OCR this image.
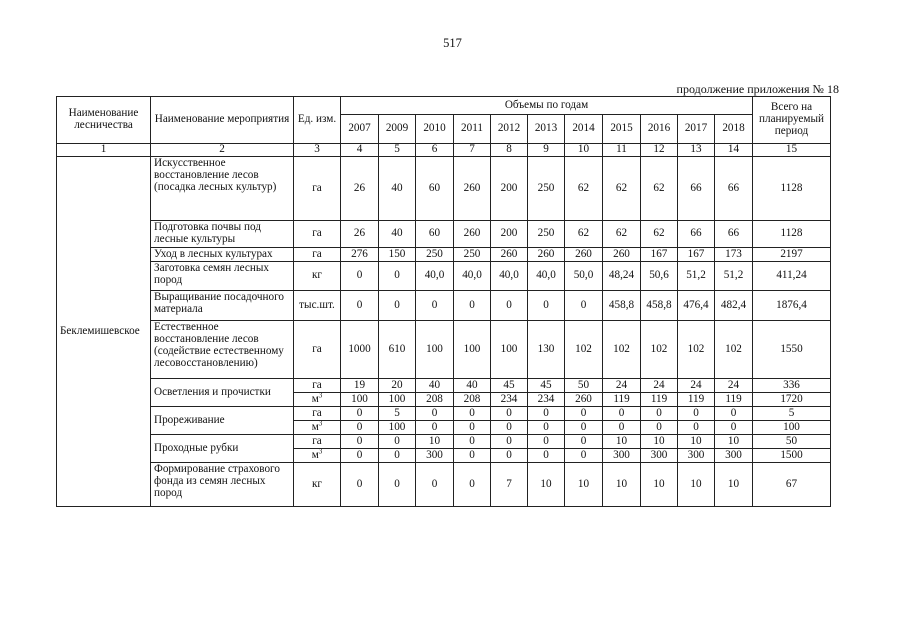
517
продолжение приложения № 18
Наименование лесничества	Наименование мероприятия	Ед. изм.	Объемы по годам											Всего на планируемый период
			2007	2009	2010	2011	2012	2013	2014	2015	2016	2017	2018	
1	2	3	4	5	6	7	8	9	10	11	12	13	14	15
Беклемишевское	Искусственное восстановление лесов (посадка лесных культур)	га	26	40	60	260	200	250	62	62	62	66	66	1128
	Подготовка почвы под лесные культуры	га	26	40	60	260	200	250	62	62	62	66	66	1128
	Уход в лесных культурах	га	276	150	250	250	260	260	260	260	167	167	173	2197
	Заготовка семян лесных пород	кг	0	0	40,0	40,0	40,0	40,0	50,0	48,24	50,6	51,2	51,2	411,24
	Выращивание посадочного материала	тыс.шт.	0	0	0	0	0	0	0	458,8	458,8	476,4	482,4	1876,4
	Естественное восстановление лесов (содействие естественному лесовосстановлению)	га	1000	610	100	100	100	130	102	102	102	102	102	1550
	Осветления и прочистки	га	19	20	40	40	45	45	50	24	24	24	24	336
		$м^3$	100	100	208	208	234	234	260	119	119	119	119	1720
	Прореживание	га	0	5	0	0	0	0	0	0	0	0	0	5
		$м^3$	0	100	0	0	0	0	0	0	0	0	0	100
	Проходные рубки	га	0	0	10	0	0	0	0	10	10	10	10	50
		$м^3$	0	0	300	0	0	0	0	300	300	300	300	1500
	Формирование страхового фонда из семян лесных пород	кг	0	0	0	0	7	10	10	10	10	10	10	67
